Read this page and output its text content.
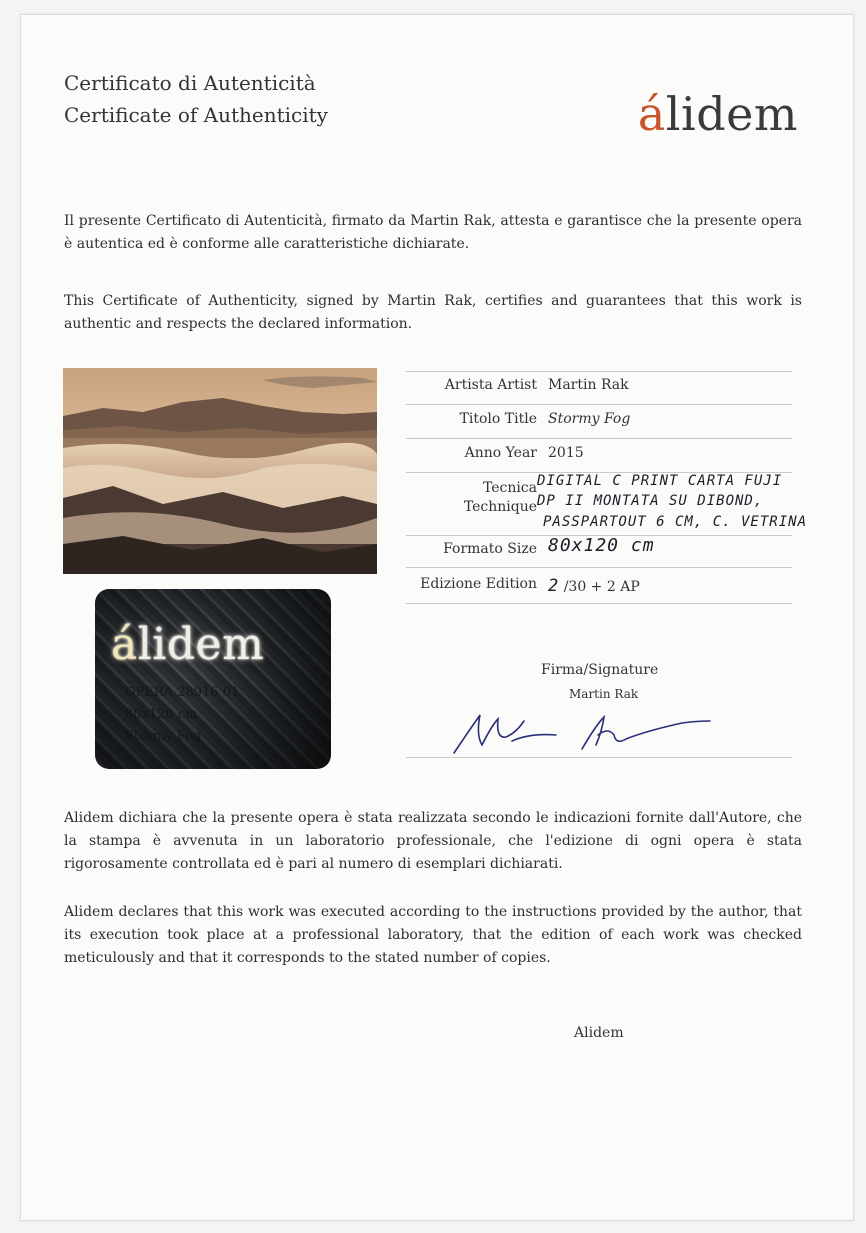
Certificato di Autenticità
Certificate of Authenticity	álidem
Il presente Certificato di Autenticità, firmato da Martin Rak, attesta e garantisce che la presente opera è autentica ed è conforme alle caratteristiche dichiarate.
This Certificate of Authenticity, signed by Martin Rak, certifies and guarantees that this work is authentic and respects the declared information.
álidem
OPERA 28916 01
80x120 cm
Stormy Fog
Artista Artist Martin Rak
Titolo Title Stormy Fog
Anno Year 2015
Tecnica
Technique
DIGITAL C PRINT CARTA FUJI
DP II MONTATA SU DIBOND,
PASSPARTOUT 6 CM, C. VETRINA
Formato Size 80x120 cm
Edizione Edition 2 /30 + 2 AP
Firma/Signature
Martin Rak
Alidem dichiara che la presente opera è stata realizzata secondo le indicazioni fornite dall'Autore, che la stampa è avvenuta in un laboratorio professionale, che l'edizione di ogni opera è stata rigorosamente controllata ed è pari al numero di esemplari dichiarati.
Alidem declares that this work was executed according to the instructions provided by the author, that its execution took place at a professional laboratory, that the edition of each work was checked meticulously and that it corresponds to the stated number of copies.
Alidem
